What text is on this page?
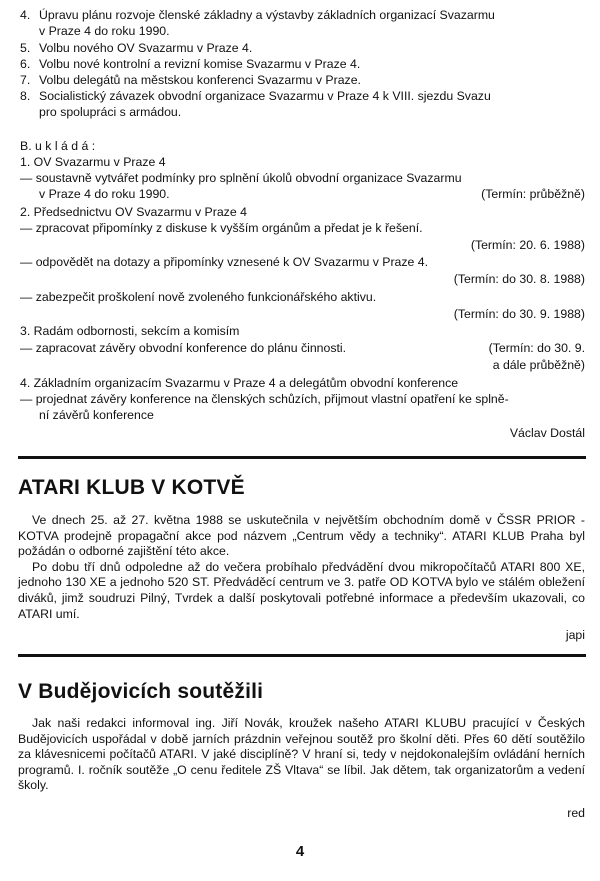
4. Úpravu plánu rozvoje členské základny a výstavby základních organizací Svazarmu
v Praze 4 do roku 1990.
5. Volbu nového OV Svazarmu v Praze 4.
6. Volbu nové kontrolní a revizní komise Svazarmu v Praze 4.
7. Volbu delegátů na městskou konferenci Svazarmu v Praze.
8. Socialistický závazek obvodní organizace Svazarmu v Praze 4 k VIII. sjezdu Svazu
pro spolupráci s armádou.
B. u k l á d á :
1. OV Svazarmu v Praze 4
— soustavně vytvářet podmínky pro splnění úkolů obvodní organizace Svazarmu
v Praze 4 do roku 1990.	(Termín: průběžně)
2. Předsednictvu OV Svazarmu v Praze 4
— zpracovat připomínky z diskuse k vyšším orgánům a předat je k řešení.
(Termín: 20. 6. 1988)
— odpovědět na dotazy a připomínky vznesené k OV Svazarmu v Praze 4.
(Termín: do 30. 8. 1988)
— zabezpečit proškolení nově zvoleného funkcionářského aktivu.
(Termín: do 30. 9. 1988)
3. Radám odbornosti, sekcím a komisím
— zapracovat závěry obvodní konference do plánu činnosti.	(Termín: do 30. 9.
a dále průběžně)
4. Základním organizacím Svazarmu v Praze 4 a delegátům obvodní konference
— projednat závěry konference na členských schůzích, přijmout vlastní opatření ke splně-
ní závěrů konference
Václav Dostál
ATARI KLUB V KOTVĚ

Ve dnech 25. až 27. května 1988 se uskutečnila v největším obchodním domě v ČSSR PRIOR - KOTVA prodejně propagační akce pod názvem „Centrum vědy a techniky“. ATARI KLUB Praha byl požádán o odborné zajištění této akce.

Po dobu tří dnů odpoledne až do večera probíhalo předvádění dvou mikropočítačů ATARI 800 XE, jednoho 130 XE a jednoho 520 ST. Předváděcí centrum ve 3. patře OD KOTVA bylo ve stálém obležení diváků, jimž soudruzi Pilný, Tvrdek a další poskytovali potřebné informace a především ukazovali, co ATARI umí.

japi
V Budějovicích soutěžili

Jak naši redakci informoval ing. Jiří Novák, kroužek našeho ATARI KLUBU pracující v Českých Budějovicích uspořádal v době jarních prázdnin veřejnou soutěž pro školní děti. Přes 60 dětí soutěžilo za klávesnicemi počítačů ATARI. V jaké disciplíně? V hraní si, tedy v nejdokonalejším ovládání herních programů. I. ročník soutěže „O cenu ředitele ZŠ Vltava“ se líbil. Jak dětem, tak organizatorům a vedení školy.

red
4
